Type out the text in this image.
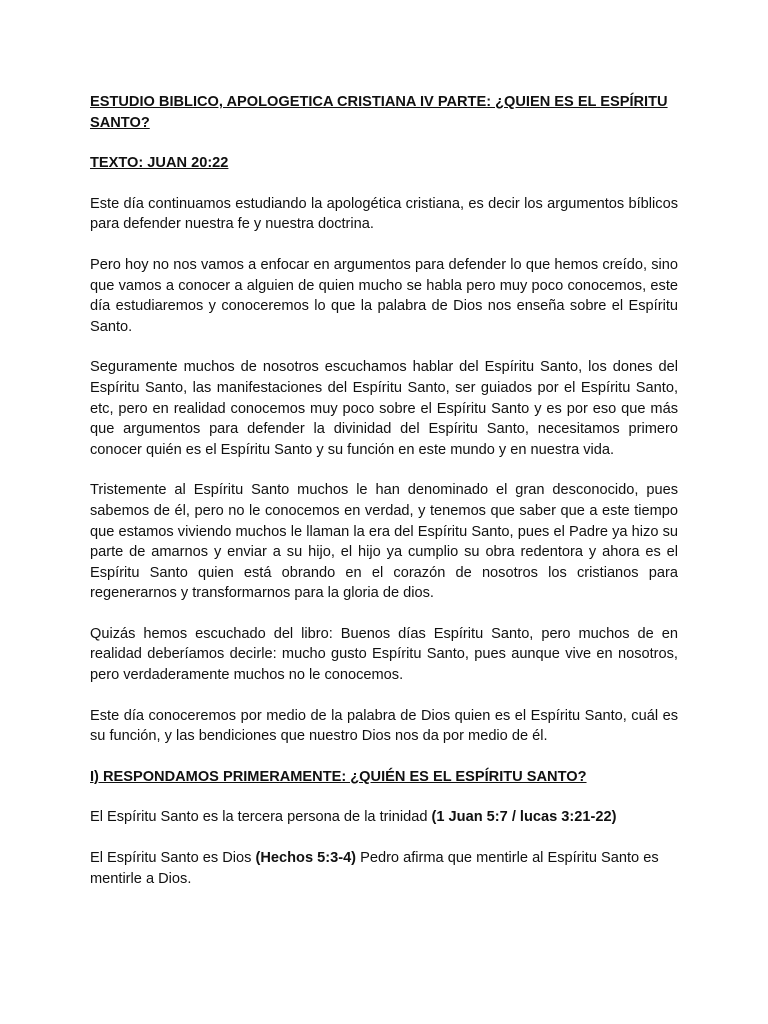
ESTUDIO BIBLICO, APOLOGETICA CRISTIANA IV PARTE: ¿QUIEN ES EL ESPÍRITU SANTO?

TEXTO: JUAN 20:22

Este día continuamos estudiando la apologética cristiana, es decir los argumentos bíblicos para defender nuestra fe y nuestra doctrina.

Pero hoy no nos vamos a enfocar en argumentos para defender lo que hemos creído, sino que vamos a conocer a alguien de quien mucho se habla pero muy poco conocemos, este día estudiaremos y conoceremos lo que la palabra de Dios nos enseña sobre el Espíritu Santo.

Seguramente muchos de nosotros escuchamos hablar del Espíritu Santo, los dones del Espíritu Santo, las manifestaciones del Espíritu Santo, ser guiados por el Espíritu Santo, etc, pero en realidad conocemos muy poco sobre el Espíritu Santo y es por eso que más que argumentos para defender la divinidad del Espíritu Santo, necesitamos primero conocer quién es el Espíritu Santo y su función en este mundo y en nuestra vida.

Tristemente al Espíritu Santo muchos le han denominado el gran desconocido, pues sabemos de él, pero no le conocemos en verdad, y tenemos que saber que a este tiempo que estamos viviendo muchos le llaman la era del Espíritu Santo, pues el Padre ya hizo su parte de amarnos y enviar a su hijo, el hijo ya cumplio su obra redentora y ahora es el Espíritu Santo quien está obrando en el corazón de nosotros los cristianos para regenerarnos y transformarnos para la gloria de dios.

Quizás hemos escuchado del libro: Buenos días Espíritu Santo, pero muchos de en realidad deberíamos decirle: mucho gusto Espíritu Santo, pues aunque vive en nosotros, pero verdaderamente muchos no le conocemos.

Este día conoceremos por medio de la palabra de Dios quien es el Espíritu Santo, cuál es su función, y las bendiciones que nuestro Dios nos da por medio de él.

I) RESPONDAMOS PRIMERAMENTE: ¿QUIÉN ES EL ESPÍRITU SANTO?

El Espíritu Santo es la tercera persona de la trinidad (1 Juan 5:7 / lucas 3:21-22)

El Espíritu Santo es Dios (Hechos 5:3-4) Pedro afirma que mentirle al Espíritu Santo es mentirle a Dios.
